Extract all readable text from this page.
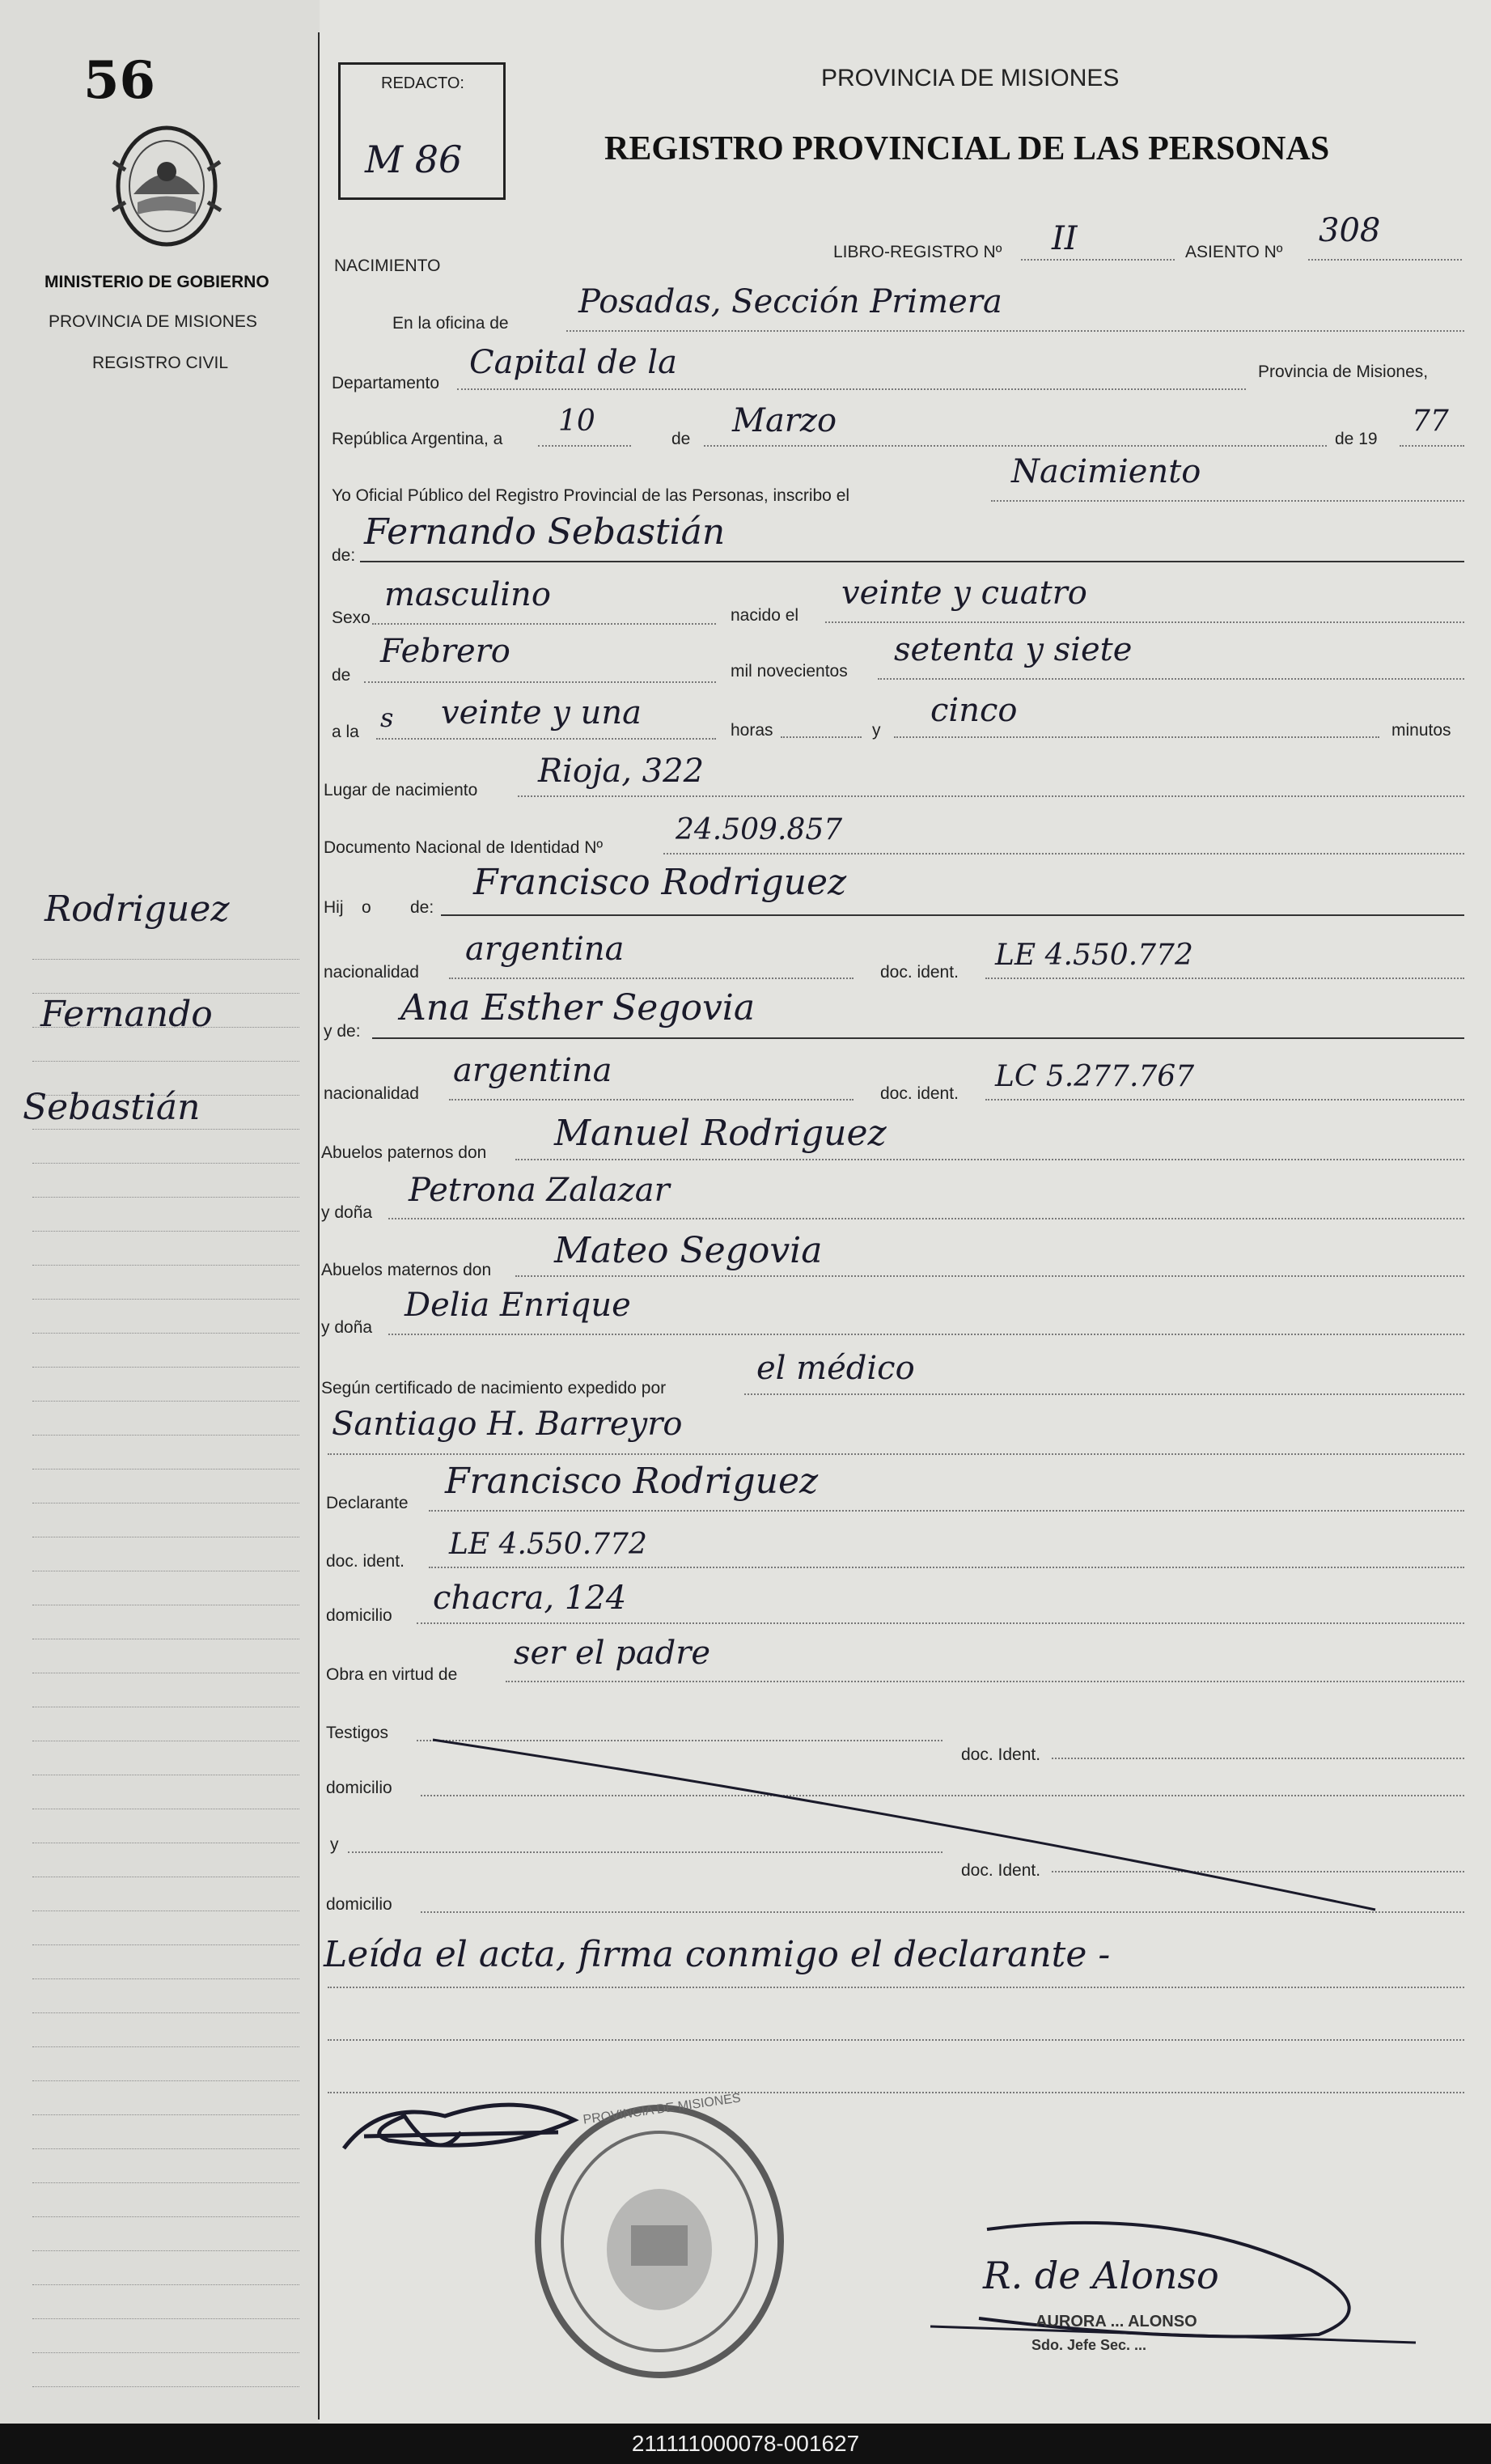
56
MINISTERIO DE GOBIERNO
PROVINCIA DE MISIONES
REGISTRO CIVIL
Rodriguez
Fernando
Sebastián
REDACTO:
M 86
PROVINCIA DE MISIONES
REGISTRO PROVINCIAL DE LAS PERSONAS
NACIMIENTO
LIBRO-REGISTRO Nº II	ASIENTO Nº
308
En la oficina de
Posadas, Sección Primera
Departamento
Capital de la	Provincia de Misiones,
República Argentina, a
10
de Marzo	de 19
77
Yo Oficial Público del Registro Provincial de las Personas, inscribo el
Nacimiento
de:
Fernando Sebastián
Sexo
masculino
nacido el
veinte y cuatro
de
Febrero
mil novecientos
setenta y siete
a la s veinte y una	horas	y
cinco
minutos
Lugar de nacimiento
Rioja, 322
Documento Nacional de Identidad Nº
24.509.857
Hij o de:
Francisco Rodriguez
nacionalidad
argentina
doc. ident.
LE 4.550.772
y de:
Ana Esther Segovia
nacionalidad
argentina
doc. ident.
LC 5.277.767
Abuelos paternos don Manuel Rodriguez
y doña
Petrona Zalazar
Abuelos maternos don Mateo Segovia
y doña
Delia Enrique
Según certificado de nacimiento expedido por
el médico
Santiago H. Barreyro
Declarante
Francisco Rodriguez
doc. ident.
LE 4.550.772
domicilio chacra, 124
Obra en virtud de
ser el padre
Testigos
doc. Ident.
domicilio
y
doc. Ident.
domicilio
Leída el acta, firma conmigo el declarante -
PROVINCIA DE MISIONES
R. de Alonso
AURORA ... ALONSO
Sdo. Jefe Sec. ...
211111000078-001627
